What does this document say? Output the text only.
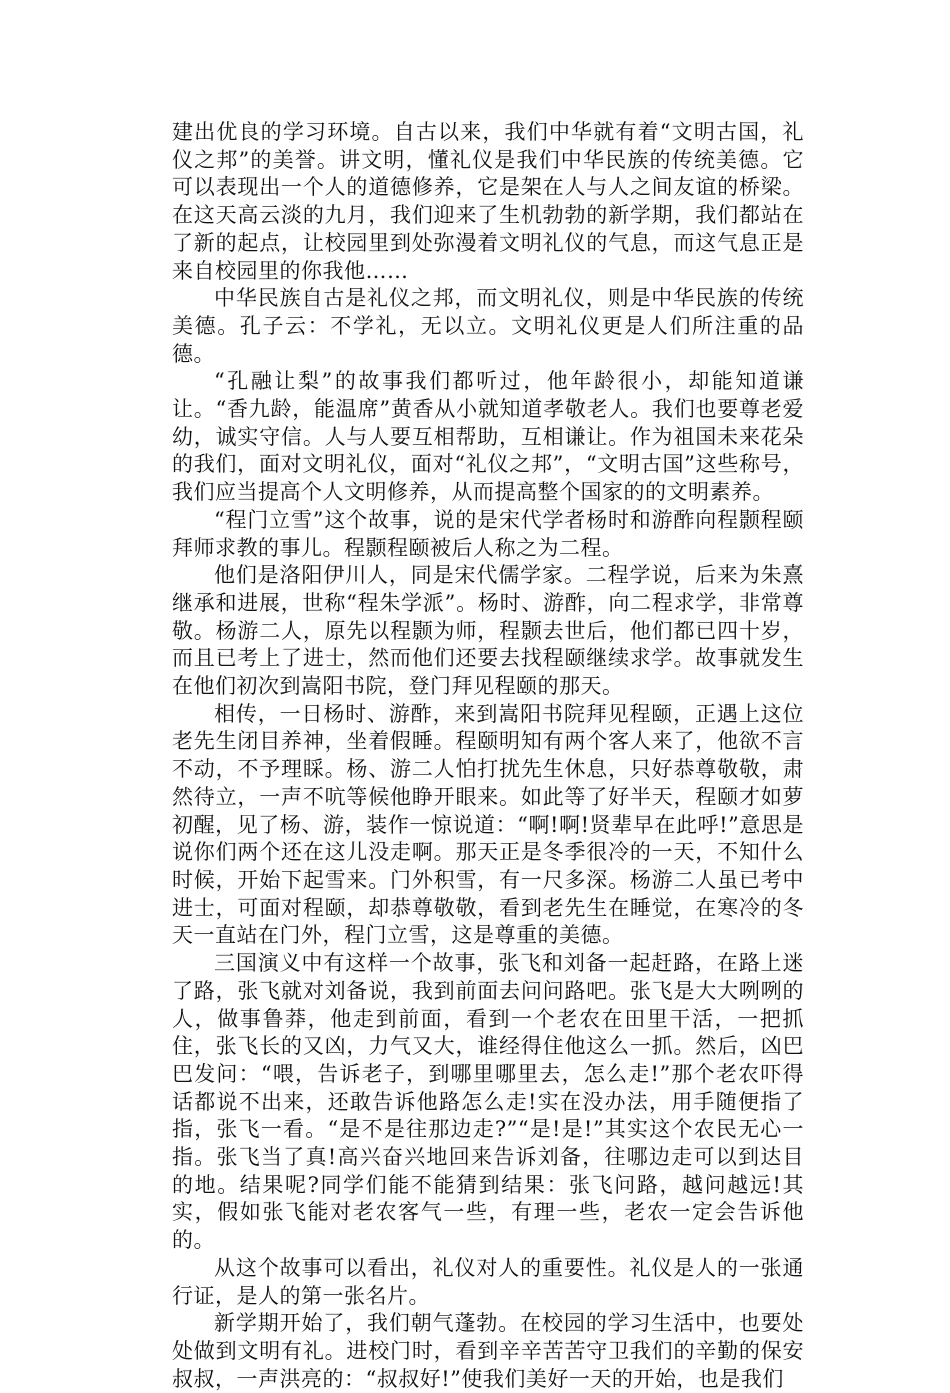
建出优良的学习环境。自古以来，我们中华就有着“文明古国，礼仪之邦”的美誉。讲文明，懂礼仪是我们中华民族的传统美德。它可以表现出一个人的道德修养，它是架在人与人之间友谊的桥梁。在这天高云淡的九月，我们迎来了生机勃勃的新学期，我们都站在了新的起点，让校园里到处弥漫着文明礼仪的气息，而这气息正是来自校园里的你我他……

中华民族自古是礼仪之邦，而文明礼仪，则是中华民族的传统美德。孔子云：不学礼，无以立。文明礼仪更是人们所注重的品德。

“孔融让梨”的故事我们都听过，他年龄很小，却能知道谦让。“香九龄，能温席”黄香从小就知道孝敬老人。我们也要尊老爱幼，诚实守信。人与人要互相帮助，互相谦让。作为祖国未来花朵的我们，面对文明礼仪，面对“礼仪之邦”，“文明古国”这些称号，我们应当提高个人文明修养，从而提高整个国家的的文明素养。

“程门立雪”这个故事，说的是宋代学者杨时和游酢向程颢程颐拜师求教的事儿。程颢程颐被后人称之为二程。

他们是洛阳伊川人，同是宋代儒学家。二程学说，后来为朱熹继承和进展，世称“程朱学派”。杨时、游酢，向二程求学，非常尊敬。杨游二人，原先以程颢为师，程颢去世后，他们都已四十岁，而且已考上了进士，然而他们还要去找程颐继续求学。故事就发生在他们初次到嵩阳书院，登门拜见程颐的那天。

相传，一日杨时、游酢，来到嵩阳书院拜见程颐，正遇上这位老先生闭目养神，坐着假睡。程颐明知有两个客人来了，他欲不言不动，不予理睬。杨、游二人怕打扰先生休息，只好恭尊敬敬，肃然待立，一声不吭等候他睁开眼来。如此等了好半天，程颐才如萝初醒，见了杨、游，装作一惊说道：“啊!啊!贤辈早在此呼!”意思是说你们两个还在这儿没走啊。那天正是冬季很冷的一天，不知什么时候，开始下起雪来。门外积雪，有一尺多深。杨游二人虽已考中进士，可面对程颐，却恭尊敬敬，看到老先生在睡觉，在寒冷的冬天一直站在门外，程门立雪，这是尊重的美德。

三国演义中有这样一个故事，张飞和刘备一起赶路，在路上迷了路，张飞就对刘备说，我到前面去问问路吧。张飞是大大咧咧的人，做事鲁莽，他走到前面，看到一个老农在田里干活，一把抓住，张飞长的又凶，力气又大，谁经得住他这么一抓。然后，凶巴巴发问：“喂，告诉老子，到哪里哪里去，怎么走!”那个老农吓得话都说不出来，还敢告诉他路怎么走!实在没办法，用手随便指了指，张飞一看。“是不是往那边走?”“是!是!”其实这个农民无心一指。张飞当了真!高兴奋兴地回来告诉刘备，往哪边走可以到达目的地。结果呢?同学们能不能猜到结果：张飞问路，越问越远!其实，假如张飞能对老农客气一些，有理一些，老农一定会告诉他的。

从这个故事可以看出，礼仪对人的重要性。礼仪是人的一张通行证，是人的第一张名片。

新学期开始了，我们朝气蓬勃。在校园的学习生活中，也要处处做到文明有礼。进校门时，看到辛辛苦苦守卫我们的辛勤的保安叔叔，一声洪亮的：“叔叔好!”使我们美好一天的开始，也是我们
